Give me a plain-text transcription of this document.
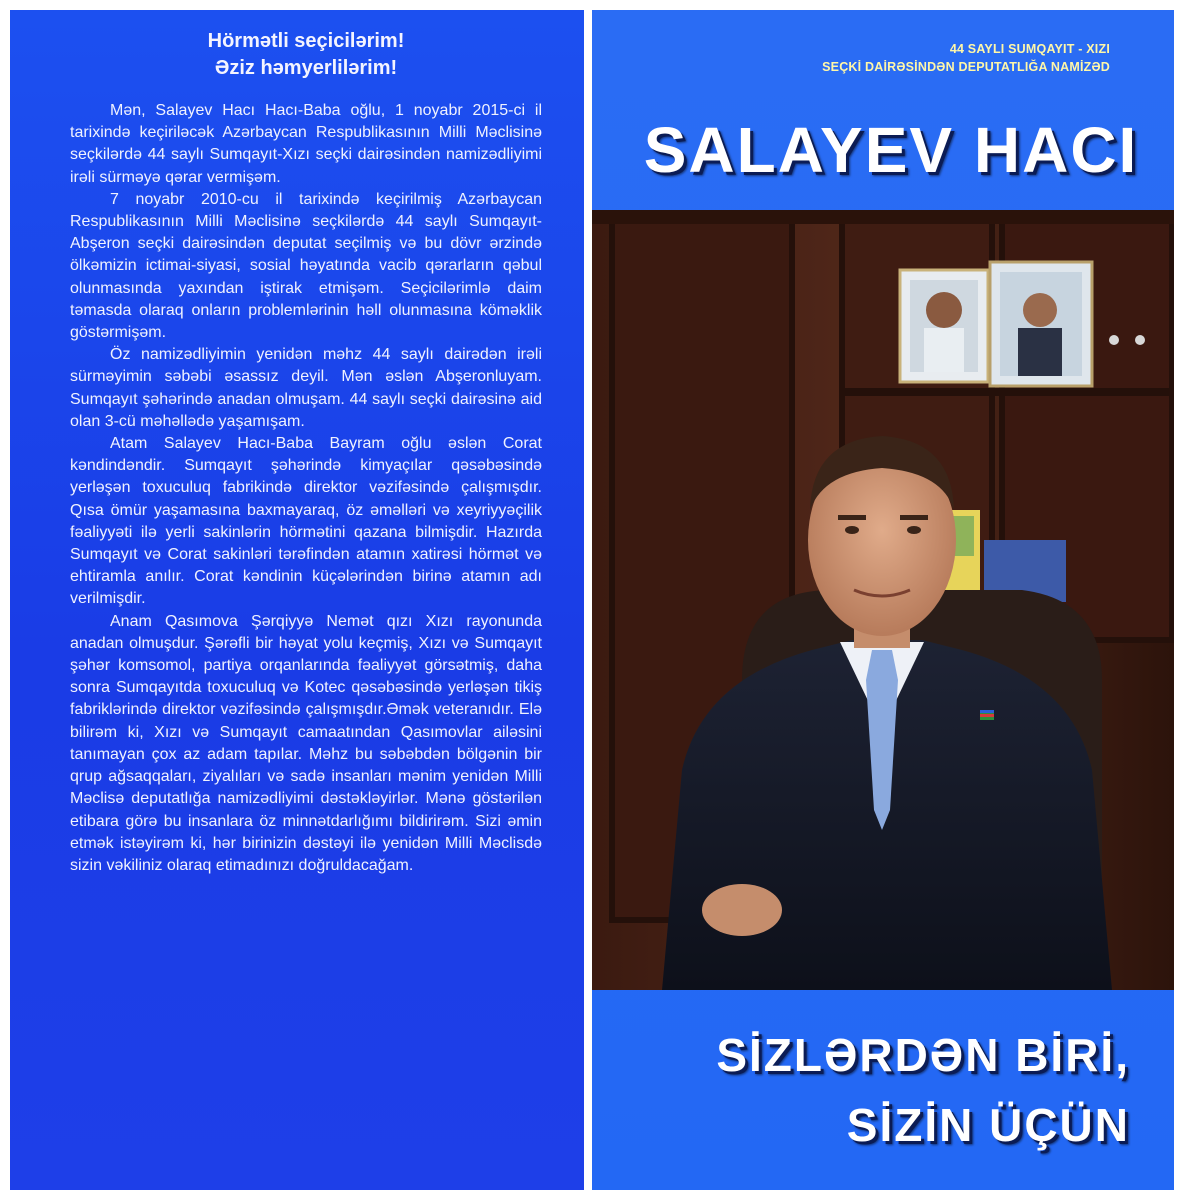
Hörmətli seçicilərim!
Əziz həmyerlilərim!

Mən, Salayev Hacı Hacı-Baba oğlu, 1 noyabr 2015-ci il tarixində keçiriləcək Azərbaycan Respublikasının Milli Məclisinə seçkilərdə 44 saylı Sumqayıt-Xızı seçki dairəsindən namizədliyimi irəli sürməyə qərar vermişəm.

7 noyabr 2010-cu il tarixində keçirilmiş Azərbaycan Respublikasının Milli Məclisinə seçkilərdə 44 saylı Sumqayıt-Abşeron seçki dairəsindən deputat seçilmiş və bu dövr ərzində ölkəmizin ictimai-siyasi, sosial həyatında vacib qərarların qəbul olunmasında yaxından iştirak etmişəm. Seçicilərimlə daim təmasda olaraq onların problemlərinin həll olunmasına köməklik göstərmişəm.

Öz namizədliyimin yenidən məhz 44 saylı dairədən irəli sürməyimin səbəbi əsassız deyil. Mən əslən Abşeronluyam. Sumqayıt şəhərində anadan olmuşam. 44 saylı seçki dairəsinə aid olan 3-cü məhəllədə yaşamışam.

Atam Salayev Hacı-Baba Bayram oğlu əslən Corat kəndindəndir. Sumqayıt şəhərində kimyaçılar qəsəbəsində yerləşən toxuculuq fabrikində direktor vəzifəsində çalışmışdır. Qısa ömür yaşamasına baxmayaraq, öz əməlləri və xeyriyyəçilik fəaliyyəti ilə yerli sakinlərin hörmətini qazana bilmişdir. Hazırda Sumqayıt və Corat sakinləri tərəfindən atamın xatirəsi hörmət və ehtiramla anılır. Corat kəndinin küçələrindən birinə atamın adı verilmişdir.

Anam Qasımova Şərqiyyə Nemət qızı Xızı rayonunda anadan olmuşdur. Şərəfli bir həyat yolu keçmiş, Xızı və Sumqayıt şəhər komsomol, partiya orqanlarında fəaliyyət görsətmiş, daha sonra Sumqayıtda toxuculuq və Kotec qəsəbəsində yerləşən tikiş fabriklərində direktor vəzifəsində çalışmışdır.Əmək veteranıdır. Elə bilirəm ki, Xızı və Sumqayıt camaatından Qasımovlar ailəsini tanımayan çox az adam tapılar. Məhz bu səbəbdən bölgənin bir qrup ağsaqqaları, ziyalıları və sadə insanları mənim yenidən Milli Məclisə deputatlığa namizədliyimi dəstəkləyirlər. Mənə göstərilən etibara görə bu insanlara öz minnətdarlığımı bildirirəm. Sizi əmin etmək istəyirəm ki, hər birinizin dəstəyi ilə yenidən Milli Məclisdə sizin vəkiliniz olaraq etimadınızı doğruldacağam.

44 SAYLI SUMQAYIT - XIZI
SEÇKİ DAİRƏSİNDƏN DEPUTATLIĞA NAMİZƏD
SALAYEV HACI
SİZLƏRDƏN BİRİ,
SİZİN ÜÇÜN
